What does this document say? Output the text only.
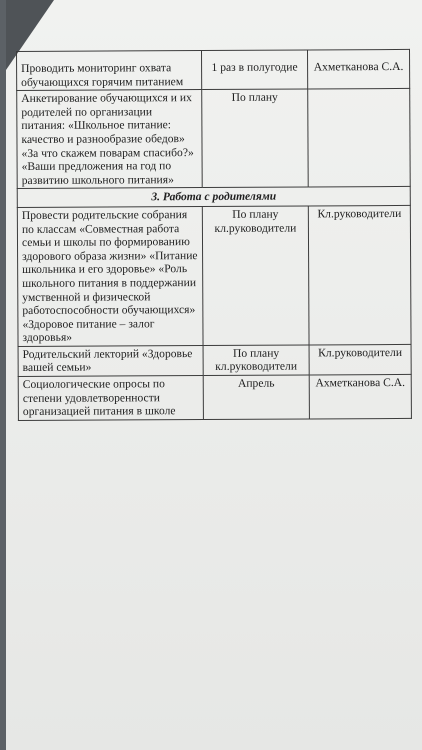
Проводить мониторинг охвата обучающихся горячим питанием	1 раз в полугодие	Ахметканова С.А.
Анкетирование обучающихся и их родителей по организации питания: «Школьное питание: качество и разнообразие обедов» «За что скажем поварам спасибо?» «Ваши предложения на год по развитию школьного питания»	По плану	
3. Работа с родителями		
Провести родительские собрания по классам «Совместная работа семьи и школы по формированию здорового образа жизни» «Питание школьника и его здоровье» «Роль школьного питания в поддержании умственной и физической работоспособности обучающихся» «Здоровое питание – залог здоровья»	По плану кл.руководители	Кл.руководители
Родительский лекторий «Здоровье вашей семьи»	По плану кл.руководители	Кл.руководители
Социологические опросы по степени удовлетворенности организацией питания в школе	Апрель	Ахметканова С.А.
